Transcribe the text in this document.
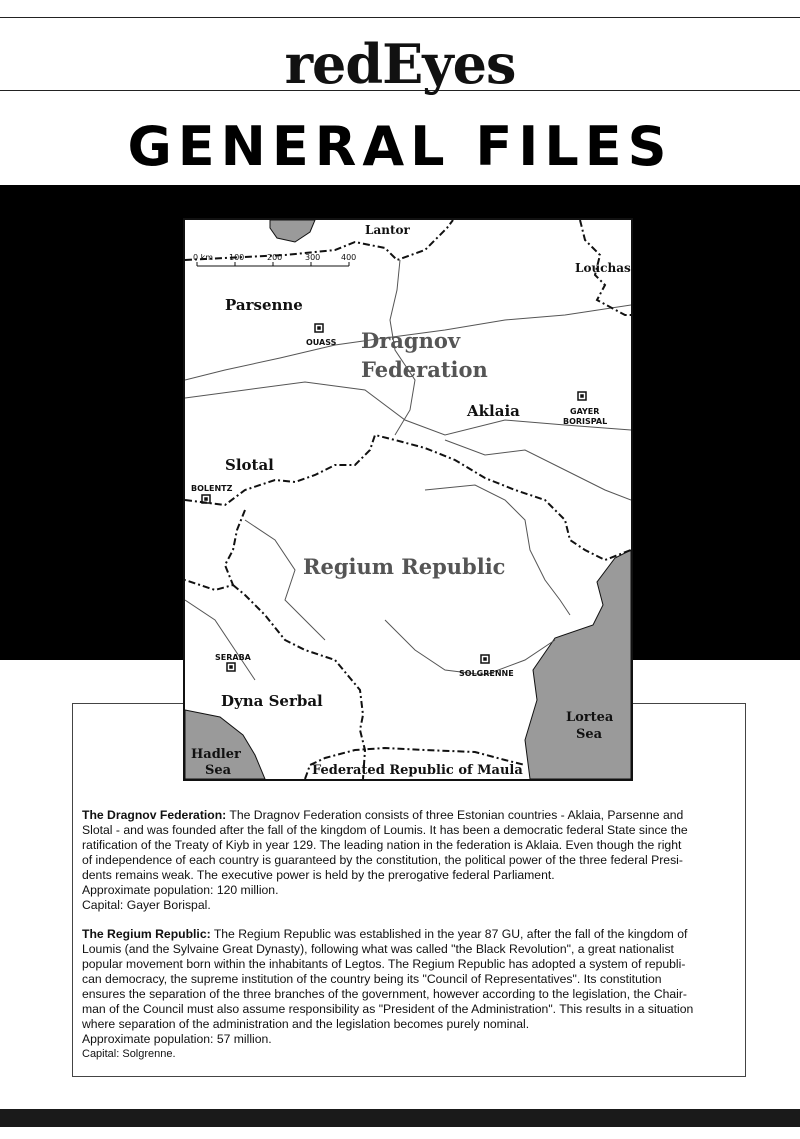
redEyes
GENERAL FILES
0 km 100	200	300	400
Lantor
Louchas
Parsenne
OUASS Dragnov
Federation
Aklaia	GAYER
BORISPAL
Slotal
BOLENTZ
Regium Republic
SERABA
SOLGRENNE
Dyna Serbal
Lortea
Sea
Hadler
Sea	Federated Republic of Maula

The Dragnov Federation: The Dragnov Federation consists of three Estonian countries - Aklaia, Parsenne and
Slotal - and was founded after the fall of the kingdom of Loumis. It has been a democratic federal State since the
ratification of the Treaty of Kiyb in year 129. The leading nation in the federation is Aklaia. Even though the right
of independence of each country is guaranteed by the constitution, the political power of the three federal Presi-
dents remains weak. The executive power is held by the prerogative federal Parliament.
Approximate population: 120 million.
Capital: Gayer Borispal.

The Regium Republic: The Regium Republic was established in the year 87 GU, after the fall of the kingdom of
Loumis (and the Sylvaine Great Dynasty), following what was called "the Black Revolution", a great nationalist
popular movement born within the inhabitants of Legtos. The Regium Republic has adopted a system of republi-
can democracy, the supreme institution of the country being its "Council of Representatives". Its constitution
ensures the separation of the three branches of the government, however according to the legislation, the Chair-
man of the Council must also assume responsibility as "President of the Administration". This results in a situation
where separation of the administration and the legislation becomes purely nominal.
Approximate population: 57 million.
Capital: Solgrenne.
